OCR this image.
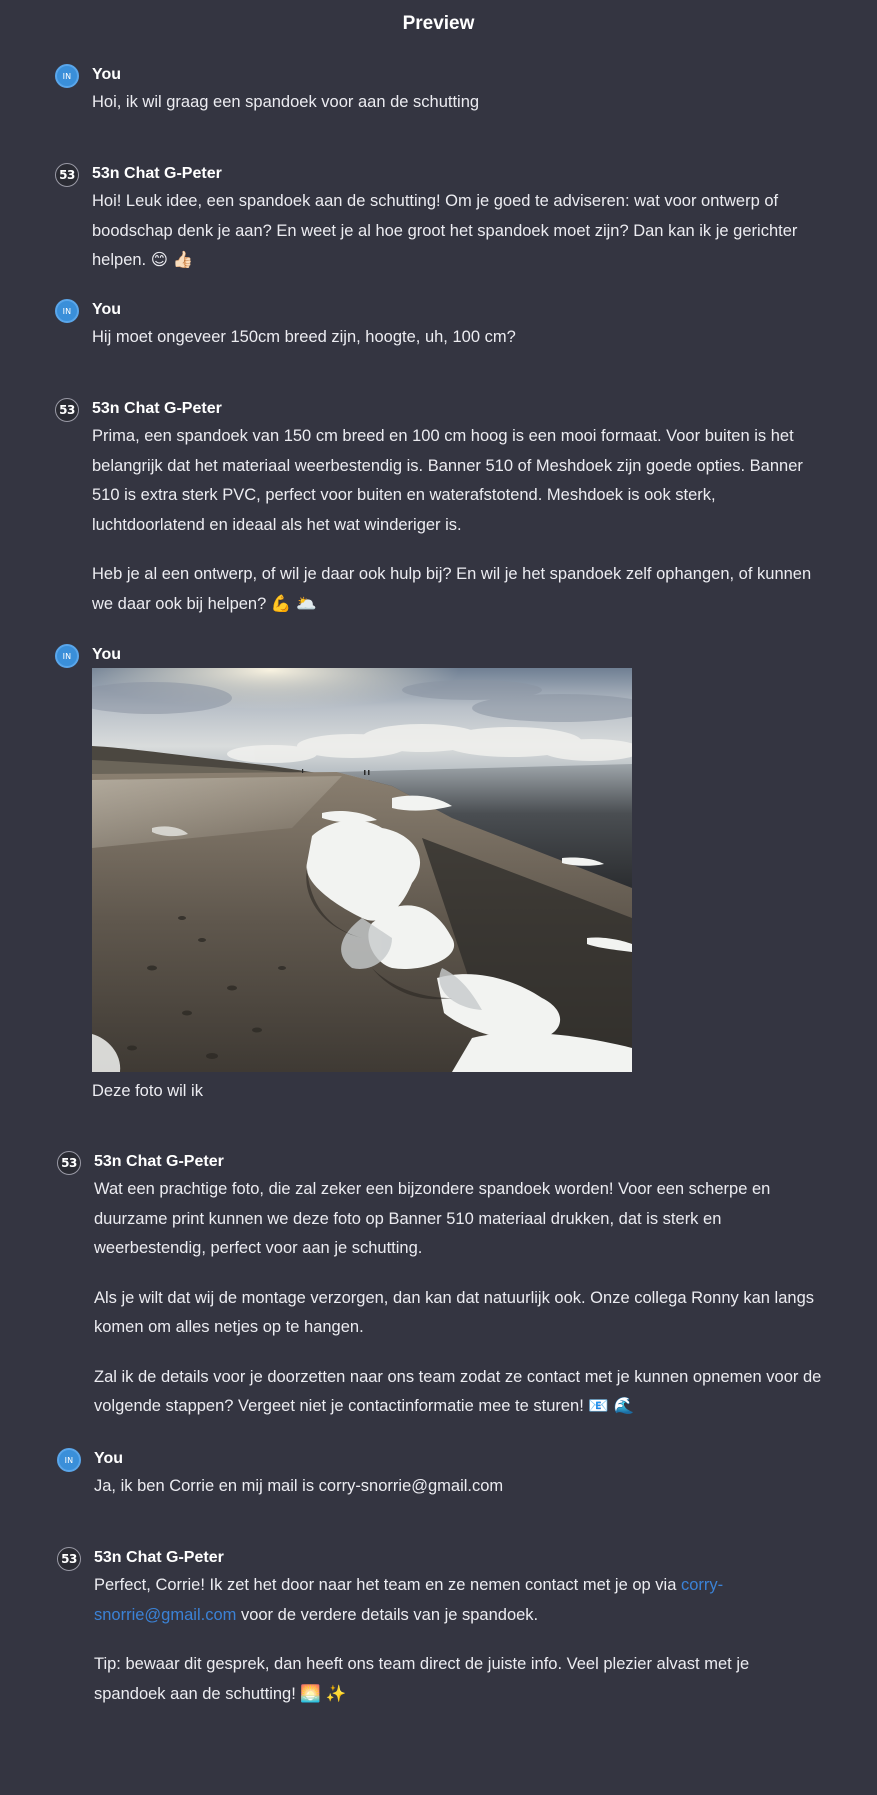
Preview
IN You

Hoi, ik wil graag een spandoek voor aan de schutting

53 53n Chat G-Peter

Hoi! Leuk idee, een spandoek aan de schutting! Om je goed te adviseren: wat voor ontwerp of boodschap denk je aan? En weet je al hoe groot het spandoek moet zijn? Dan kan ik je gerichter helpen. 😊 👍🏻

IN You

Hij moet ongeveer 150cm breed zijn, hoogte, uh, 100 cm?

53 53n Chat G-Peter

Prima, een spandoek van 150 cm breed en 100 cm hoog is een mooi formaat. Voor buiten is het belangrijk dat het materiaal weerbestendig is. Banner 510 of Meshdoek zijn goede opties. Banner 510 is extra sterk PVC, perfect voor buiten en waterafstotend. Meshdoek is ook sterk, luchtdoorlatend en ideaal als het wat winderiger is.

Heb je al een ontwerp, of wil je daar ook hulp bij? En wil je het spandoek zelf ophangen, of kunnen we daar ook bij helpen? 💪 🌥️

IN You
Deze foto wil ik
53 53n Chat G-Peter

Wat een prachtige foto, die zal zeker een bijzondere spandoek worden! Voor een scherpe en duurzame print kunnen we deze foto op Banner 510 materiaal drukken, dat is sterk en weerbestendig, perfect voor aan je schutting.

Als je wilt dat wij de montage verzorgen, dan kan dat natuurlijk ook. Onze collega Ronny kan langs komen om alles netjes op te hangen.

Zal ik de details voor je doorzetten naar ons team zodat ze contact met je kunnen opnemen voor de volgende stappen? Vergeet niet je contactinformatie mee te sturen! 📧 🌊

IN You

Ja, ik ben Corrie en mij mail is corry-snorrie@gmail.com

53 53n Chat G-Peter

Perfect, Corrie! Ik zet het door naar het team en ze nemen contact met je op via corry-snorrie@gmail.com voor de verdere details van je spandoek.

Tip: bewaar dit gesprek, dan heeft ons team direct de juiste info. Veel plezier alvast met je spandoek aan de schutting! 🌅 ✨
